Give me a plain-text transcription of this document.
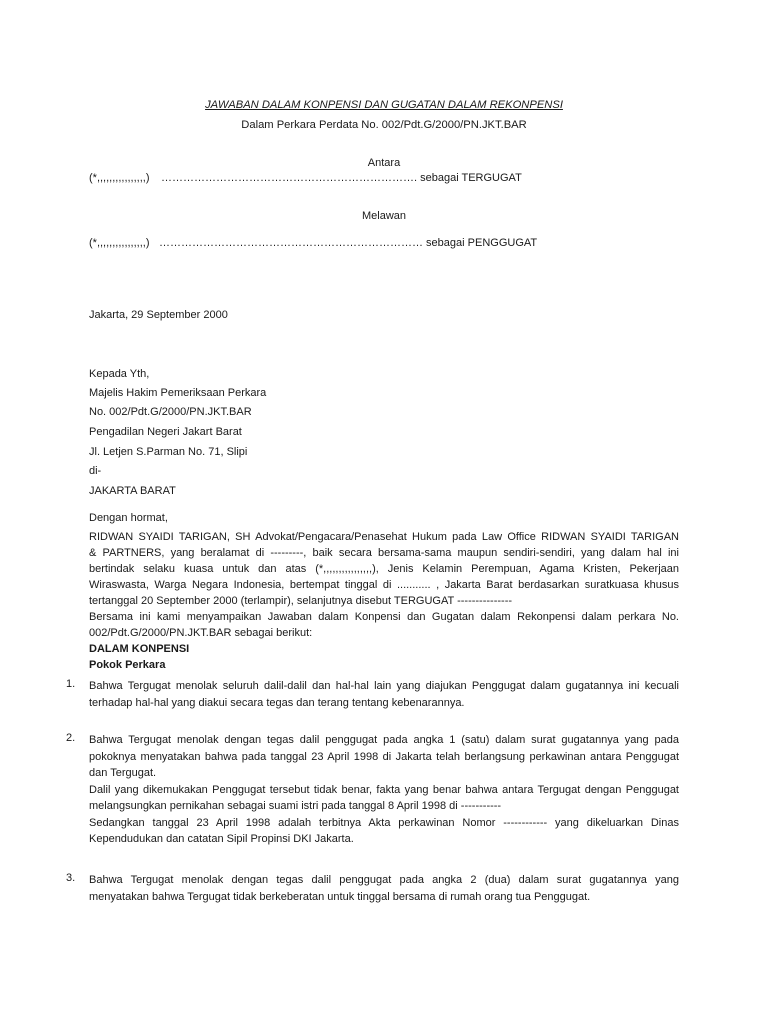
JAWABAN DALAM KONPENSI DAN GUGATAN DALAM REKONPENSI
Dalam Perkara Perdata No. 002/Pdt.G/2000/PN.JKT.BAR
Antara
(*,,,,,,,,,,,,,,,,) ……………………………………………………………. sebagai TERGUGAT
Melawan
(*,,,,,,,,,,,,,,,,) ……………………………………………………………… sebagai PENGGUGAT
Jakarta, 29 September 2000
Kepada Yth,
Majelis Hakim Pemeriksaan Perkara
No. 002/Pdt.G/2000/PN.JKT.BAR
Pengadilan Negeri Jakart Barat
Jl. Letjen S.Parman No. 71, Slipi
di-
JAKARTA BARAT
Dengan hormat,
RIDWAN SYAIDI TARIGAN, SH Advokat/Pengacara/Penasehat Hukum pada Law Office RIDWAN SYAIDI TARIGAN
& PARTNERS, yang beralamat di ---------, baik secara bersama-sama maupun sendiri-sendiri, yang dalam hal ini
bertindak selaku kuasa untuk dan atas (*,,,,,,,,,,,,,,,,), Jenis Kelamin Perempuan, Agama Kristen, Pekerjaan
Wiraswasta, Warga Negara Indonesia, bertempat tinggal di ........... , Jakarta Barat berdasarkan suratkuasa khusus
tertanggal 20 September 2000 (terlampir), selanjutnya disebut TERGUGAT ---------------
Bersama ini kami menyampaikan Jawaban dalam Konpensi dan Gugatan dalam Rekonpensi dalam perkara No.
002/Pdt.G/2000/PN.JKT.BAR sebagai berikut:
DALAM KONPENSI
Pokok Perkara
1. Bahwa Tergugat menolak seluruh dalil-dalil dan hal-hal lain yang diajukan Penggugat dalam gugatannya ini kecuali
terhadap hal-hal yang diakui secara tegas dan terang tentang kebenarannya.
2. Bahwa Tergugat menolak dengan tegas dalil penggugat pada angka 1 (satu) dalam surat gugatannya yang pada
pokoknya menyatakan bahwa pada tanggal 23 April 1998 di Jakarta telah berlangsung perkawinan antara Penggugat
dan Tergugat.
Dalil yang dikemukakan Penggugat tersebut tidak benar, fakta yang benar bahwa antara Tergugat dengan Penggugat
melangsungkan pernikahan sebagai suami istri pada tanggal 8 April 1998 di -----------
Sedangkan tanggal 23 April 1998 adalah terbitnya Akta perkawinan Nomor ------------ yang dikeluarkan Dinas
Kependudukan dan catatan Sipil Propinsi DKI Jakarta.
3. Bahwa Tergugat menolak dengan tegas dalil penggugat pada angka 2 (dua) dalam surat gugatannya yang
menyatakan bahwa Tergugat tidak berkeberatan untuk tinggal bersama di rumah orang tua Penggugat.
